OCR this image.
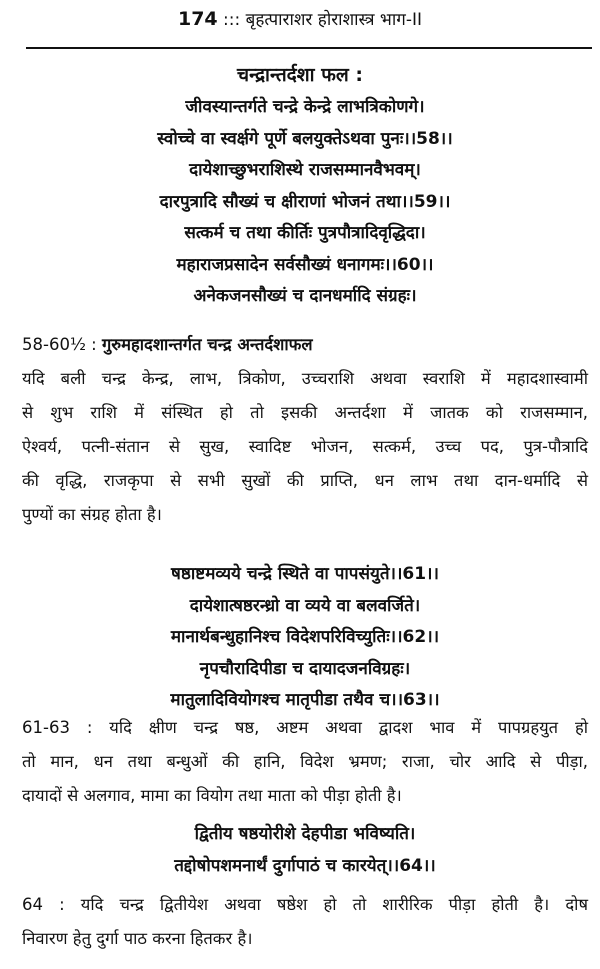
174 ::: बृहत्पाराशर होराशास्त्र भाग-II
चन्द्रान्तर्दशा फल :
जीवस्यान्तर्गते चन्द्रे केन्द्रे लाभत्रिकोणगे।
स्वोच्चे वा स्वर्क्षगे पूर्णे बलयुक्तेऽथवा पुनः।।58।।
दायेशाच्छुभराशिस्थे राजसम्मानवैभवम्।
दारपुत्रादि सौख्यं च क्षीराणां भोजनं तथा।।59।।
सत्कर्म च तथा कीर्तिः पुत्रपौत्रादिवृद्धिदा।
महाराजप्रसादेन सर्वसौख्यं धनागमः।।60।।
अनेकजनसौख्यं च दानधर्मादि संग्रहः।
58-60½ : गुरुमहादशान्तर्गत चन्द्र अन्तर्दशाफल
यदि बली चन्द्र केन्द्र, लाभ, त्रिकोण, उच्चराशि अथवा स्वराशि में महादशास्वामी
से शुभ राशि में संस्थित हो तो इसकी अन्तर्दशा में जातक को राजसम्मान,
ऐश्वर्य, पत्नी-संतान से सुख, स्वादिष्ट भोजन, सत्कर्म, उच्च पद, पुत्र-पौत्रादि
की वृद्धि, राजकृपा से सभी सुखों की प्राप्ति, धन लाभ तथा दान-धर्मादि से
पुण्यों का संग्रह होता है।
षष्ठाष्टमव्यये चन्द्रे स्थिते वा पापसंयुते।।61।।
दायेशात्षष्ठरन्ध्रो वा व्यये वा बलवर्जिते।
मानार्थबन्धुहानिश्च विदेशपरिविच्युतिः।।62।।
नृपचौरादिपीडा च दायादजनविग्रहः।
मातुलादिवियोगश्च मातृपीडा तथैव च।।63।।
61-63 : यदि क्षीण चन्द्र षष्ठ, अष्टम अथवा द्वादश भाव में पापग्रहयुत हो
तो मान, धन तथा बन्धुओं की हानि, विदेश भ्रमण; राजा, चोर आदि से पीड़ा,
दायादों से अलगाव, मामा का वियोग तथा माता को पीड़ा होती है।
द्वितीय षष्ठयोरीशे देहपीडा भविष्यति।
तद्दोषोपशमनार्थं दुर्गापाठं च कारयेत्।।64।।
64 : यदि चन्द्र द्वितीयेश अथवा षष्ठेश हो तो शारीरिक पीड़ा होती है। दोष
निवारण हेतु दुर्गा पाठ करना हितकर है।
